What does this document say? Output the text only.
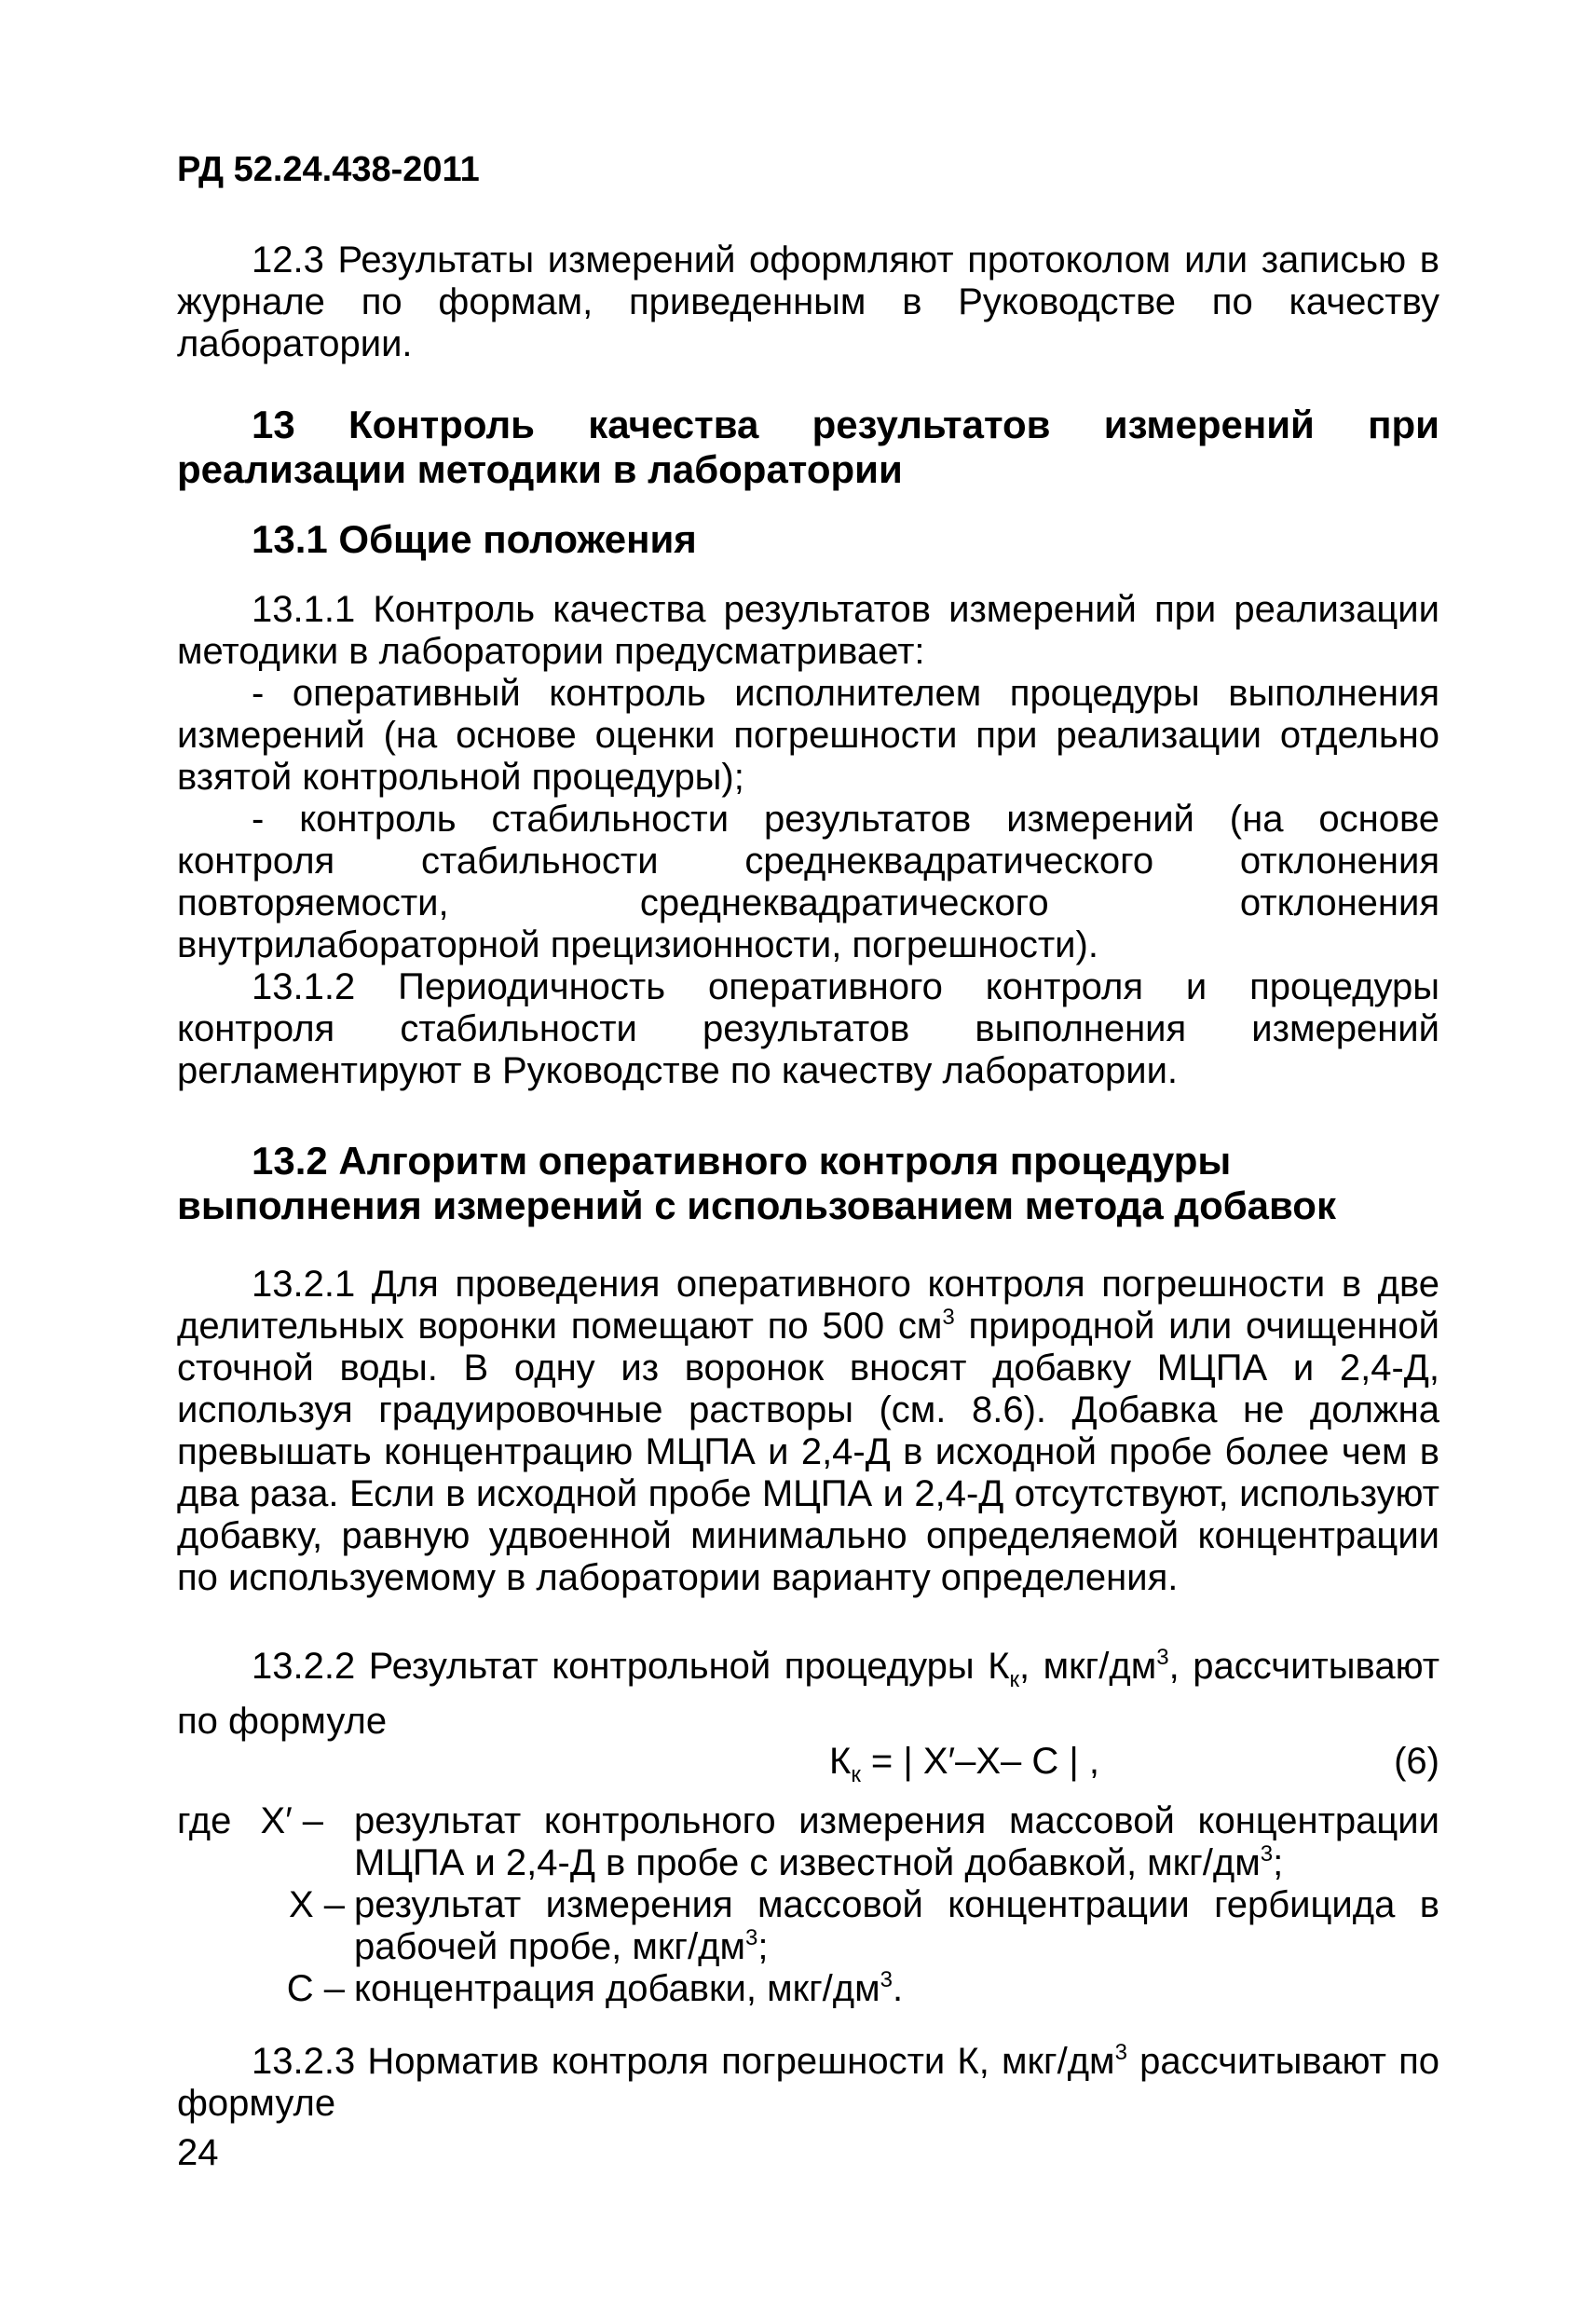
РД 52.24.438-2011

12.3 Результаты измерений оформляют протоколом или записью в журнале по формам, приведенным в Руководстве по качеству лаборатории.

13 Контроль качества результатов измерений при
реализации методики в лаборатории
13.1 Общие положения

13.1.1 Контроль качества результатов измерений при реализации методики в лаборатории предусматривает:

- оперативный контроль исполнителем процедуры выполнения измерений (на основе оценки погрешности при реализации отдельно взятой контрольной процедуры);

- контроль стабильности результатов измерений (на основе контроля стабильности среднеквадратического отклонения повторяемости, среднеквадратического отклонения внутрилабораторной прецизионности, погрешности).

13.1.2 Периодичность оперативного контроля и процедуры контроля стабильности результатов выполнения измерений регламентируют в Руководстве по качеству лаборатории.

13.2 Алгоритм оперативного контроля процедуры выполнения измерений с использованием метода добавок

13.2.1 Для проведения оперативного контроля погрешности в две делительных воронки помещают по 500 $см^3$ природной или очищенной сточной воды. В одну из воронок вносят добавку МЦПА и 2,4-Д, используя градуировочные растворы (см. 8.6). Добавка не должна превышать концентрацию МЦПА и 2,4-Д в исходной пробе более чем в два раза. Если в исходной пробе МЦПА и 2,4-Д отсутствуют, используют добавку, равную удвоенной минимально определяемой концентрации по используемому в лаборатории варианту определения.

13.2.2 Результат контрольной процедуры $К_к$, мкг/$дм^3$, рассчитывают по формуле

$К_к$ = | X′–X– C | ,	(6)
где X′ – результат контрольного измерения массовой концентрации МЦПА и 2,4-Д в пробе с известной добавкой, мкг/$дм^3$;
X – результат измерения массовой концентрации гербицида в рабочей пробе, мкг/$дм^3$;
C – концентрация добавки, мкг/$дм^3$.

13.2.3 Норматив контроля погрешности К, мкг/$дм^3$ рассчитывают по формуле

24
